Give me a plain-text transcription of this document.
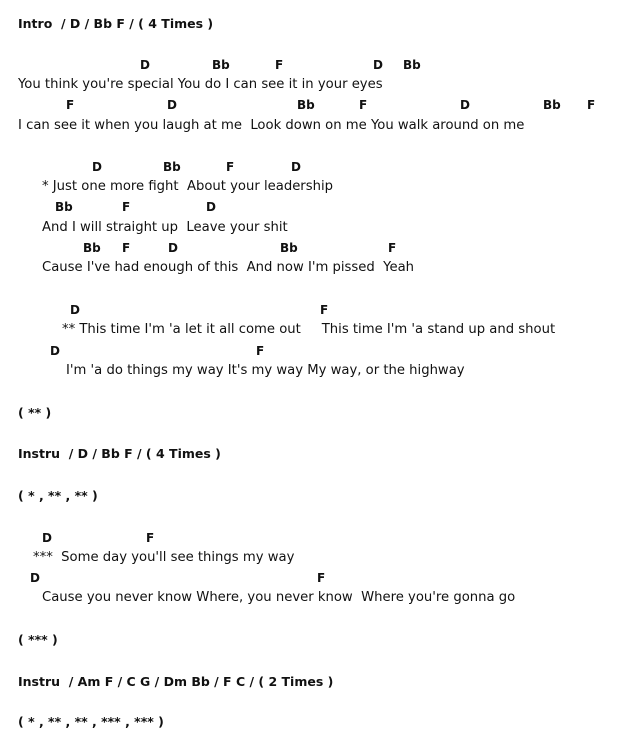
Intro  / D / Bb F / ( 4 Times )
D	Bb	F	D Bb
You think you're special You do I can see it in your eyes
F	D	Bb	F	D	Bb F
I can see it when you laugh at me  Look down on me You walk around on me
D	Bb	F	D
* Just one more fight  About your leadership
Bb	F	D
And I will straight up  Leave your shit
Bb F	D	Bb	F
Cause I've had enough of this  And now I'm pissed  Yeah
D	F
** This time I'm 'a let it all come out     This time I'm 'a stand up and shout
D	F
I'm 'a do things my way It's my way My way, or the highway
( ** )
Instru  / D / Bb F / ( 4 Times )
( * , ** , ** )
D	F
***  Some day you'll see things my way
D	F
Cause you never know Where, you never know  Where you're gonna go
( *** )
Instru  / Am F / C G / Dm Bb / F C / ( 2 Times )
( * , ** , ** , *** , *** )
